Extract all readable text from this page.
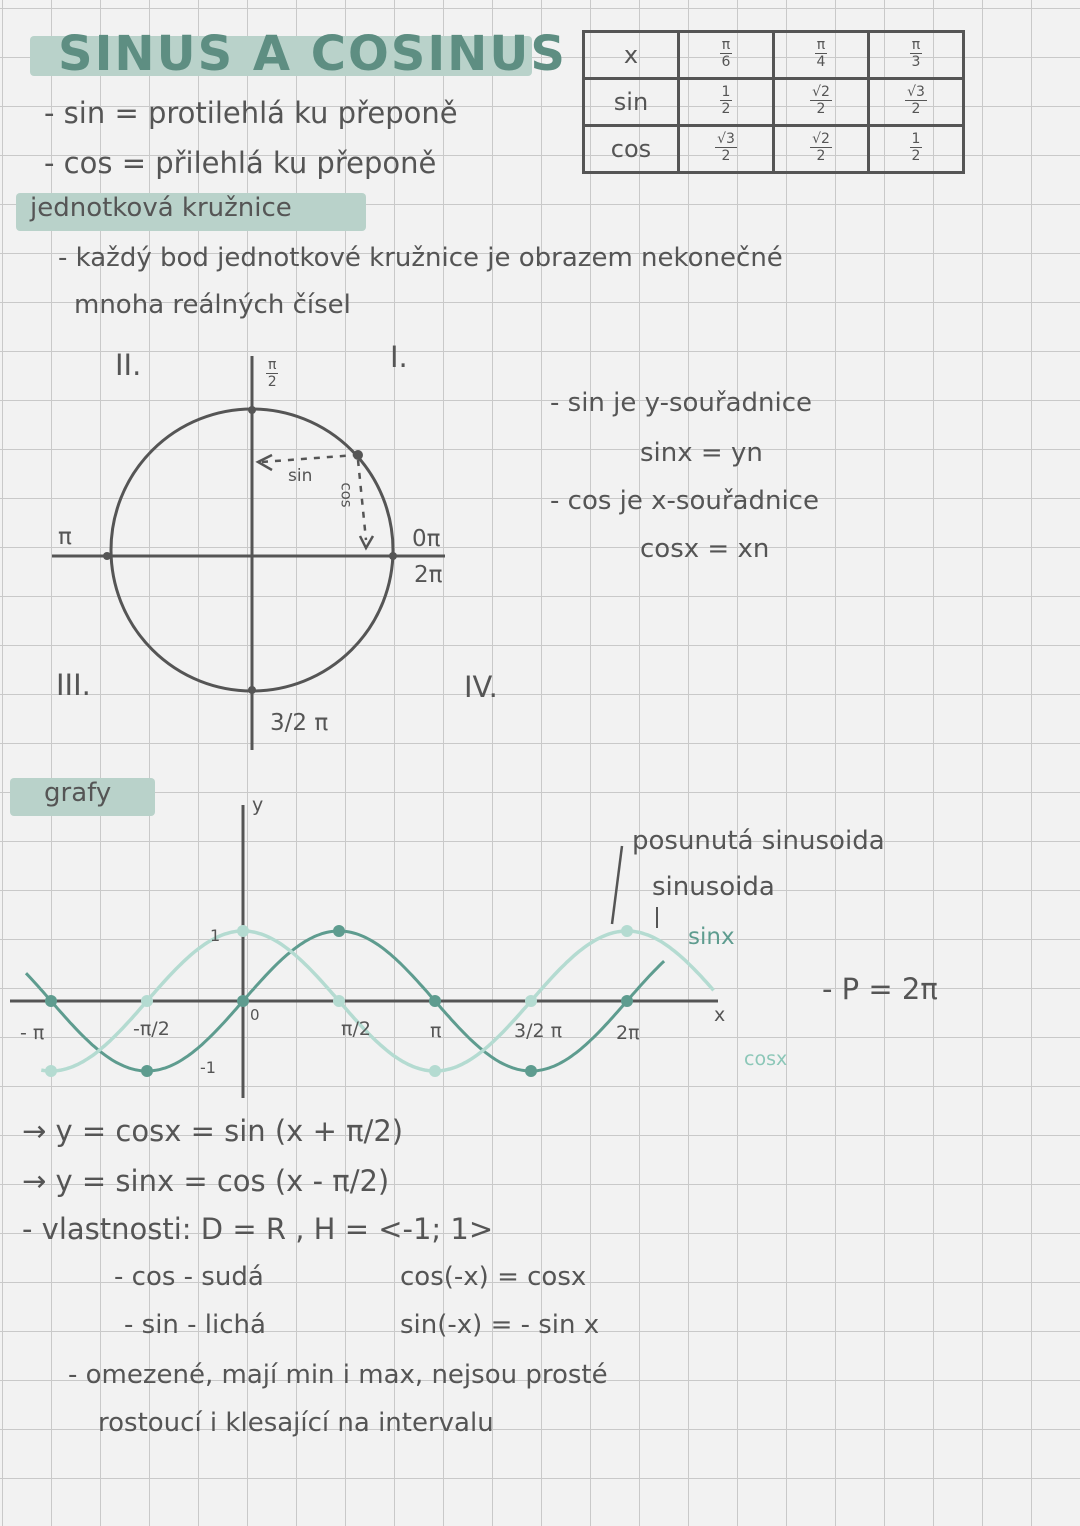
SINUS A COSINUS
- sin = protilehlá ku přeponě
- cos = přilehlá ku přeponě
x	$\frac{\pi}{6}$	$\frac{\pi}{4}$	$\frac{\pi}{3}$

sin	$\frac{1}{2}$	$\frac{√2}{2}$	$\frac{√3}{2}$

cos	$\frac{√3}{2}$	$\frac{√2}{2}$	$\frac{1}{2}$
jednotková kružnice
- každý bod jednotkové kružnice je obrazem nekonečné
mnoha reálných čísel
II.	I.
III.	IV.
$\frac{\pi}{2}$
π	0π
2π
3/2 π
sin
cos
- sin je y-souřadnice
sinx = yn
- cos je x-souřadnice
cosx = xn
grafy	y
x
- π	-π/2
0
π/2	π	3/2 π	2π
1
-1
posunutá sinusoida
sinusoida
sinx
cosx
- P = 2π
→ y = cosx = sin (x + π/2)
→ y = sinx = cos (x - π/2)
- vlastnosti: D = R , H = <-1; 1>
- cos - sudá	cos(-x) = cosx
- sin - lichá	sin(-x) = - sin x
- omezené, mají min i max, nejsou prosté
rostoucí i klesající na intervalu
